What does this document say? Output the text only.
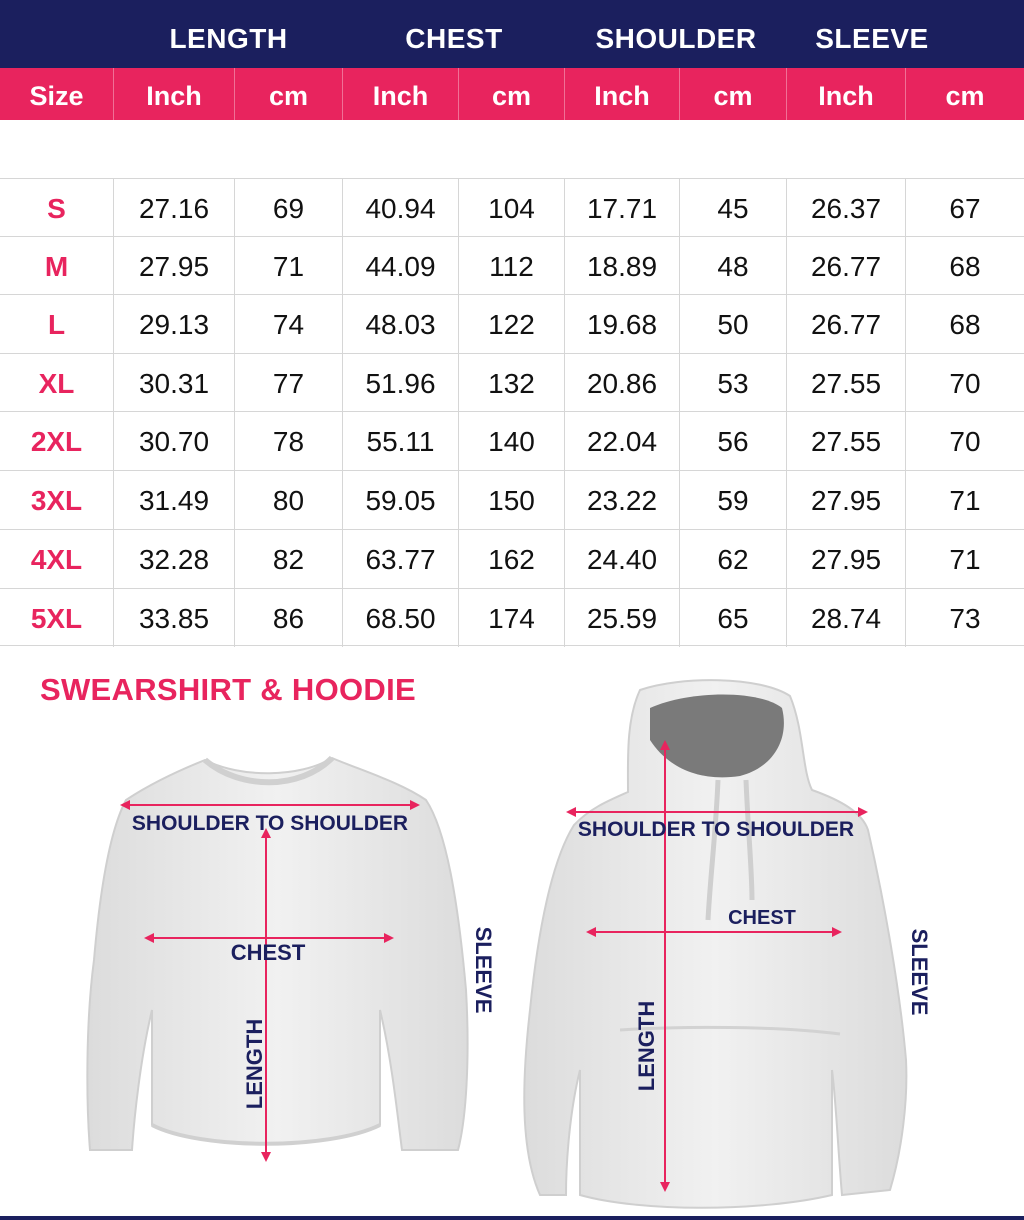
LENGTH	CHEST	SHOULDER	SLEEVE
Size	Inch	cm	Inch	cm	Inch	cm	Inch	cm
S	27.16	69	40.94	104	17.71	45	26.37	67
M	27.95	71	44.09	112	18.89	48	26.77	68
L	29.13	74	48.03	122	19.68	50	26.77	68
XL	30.31	77	51.96	132	20.86	53	27.55	70
2XL	30.70	78	55.11	140	22.04	56	27.55	70
3XL	31.49	80	59.05	150	23.22	59	27.95	71
4XL	32.28	82	63.77	162	24.40	62	27.95	71
5XL	33.85	86	68.50	174	25.59	65	28.74	73
SWEARSHIRT & HOODIE
SHOULDER TO SHOULDER
CHEST
LENGTH
SLEEVE
SHOULDER TO SHOULDER
CHEST
LENGTH
SLEEVE
